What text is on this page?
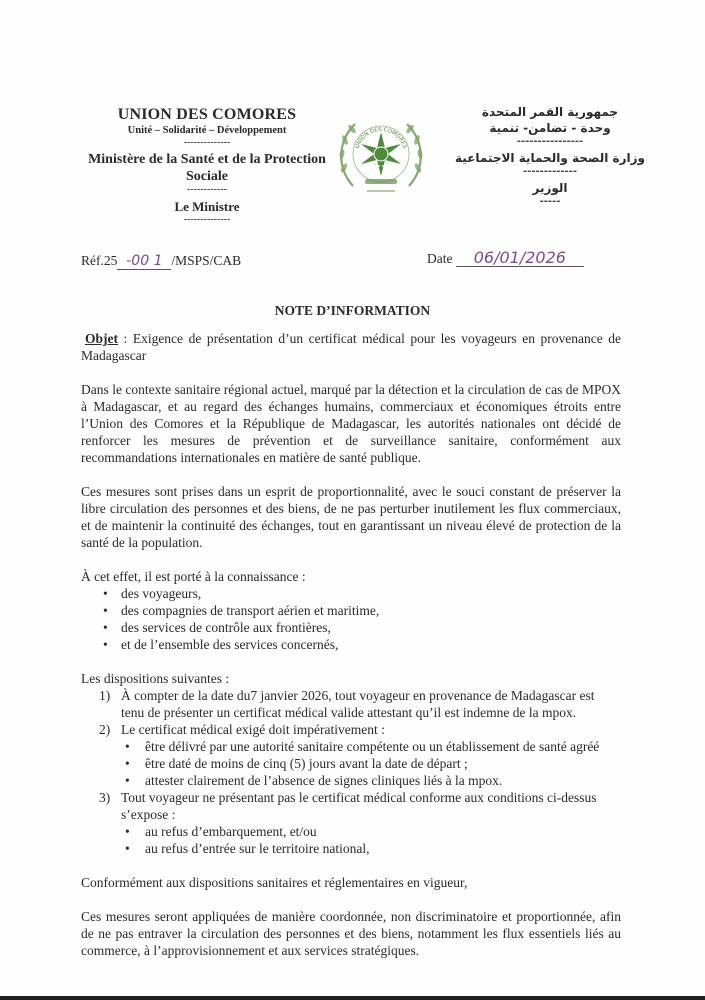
UNION DES COMORES
Unité – Solidarité – Développement
--------------
Ministère de la Santé et de la Protection Sociale
------------
Le Ministre
--------------
UNION DES COMORES
جمهورية القمر المتحدة
وحدة - تضامن- تنمية
----------------
وزارة الصحة والحماية الاجتماعية
-------------
الوزير
-----
Réf.25 -00 1 /MSPS/CAB	Date 06/01/2026
NOTE D’INFORMATION

Objet : Exigence de présentation d’un certificat médical pour les voyageurs en provenance de Madagascar

Dans le contexte sanitaire régional actuel, marqué par la détection et la circulation de cas de MPOX à Madagascar, et au regard des échanges humains, commerciaux et économiques étroits entre l’Union des Comores et la République de Madagascar, les autorités nationales ont décidé de renforcer les mesures de prévention et de surveillance sanitaire, conformément aux recommandations internationales en matière de santé publique.

Ces mesures sont prises dans un esprit de proportionnalité, avec le souci constant de préserver la libre circulation des personnes et des biens, de ne pas perturber inutilement les flux commerciaux, et de maintenir la continuité des échanges, tout en garantissant un niveau élevé de protection de la santé de la population.

À cet effet, il est porté à la connaissance :

• des voyageurs,
• des compagnies de transport aérien et maritime,
• des services de contrôle aux frontières,
• et de l’ensemble des services concernés,

Les dispositions suivantes :

1) À compter de la date du7 janvier 2026, tout voyageur en provenance de Madagascar est tenu de présenter un certificat médical valide attestant qu’il est indemne de la mpox.
2) Le certificat médical exigé doit impérativement :
• être délivré par une autorité sanitaire compétente ou un établissement de santé agréé
• être daté de moins de cinq (5) jours avant la date de départ ;
• attester clairement de l’absence de signes cliniques liés à la mpox.
3) Tout voyageur ne présentant pas le certificat médical conforme aux conditions ci-dessus s’expose :
• au refus d’embarquement, et/ou
• au refus d’entrée sur le territoire national,

Conformément aux dispositions sanitaires et réglementaires en vigueur,

Ces mesures seront appliquées de manière coordonnée, non discriminatoire et proportionnée, afin de ne pas entraver la circulation des personnes et des biens, notamment les flux essentiels liés au commerce, à l’approvisionnement et aux services stratégiques.
